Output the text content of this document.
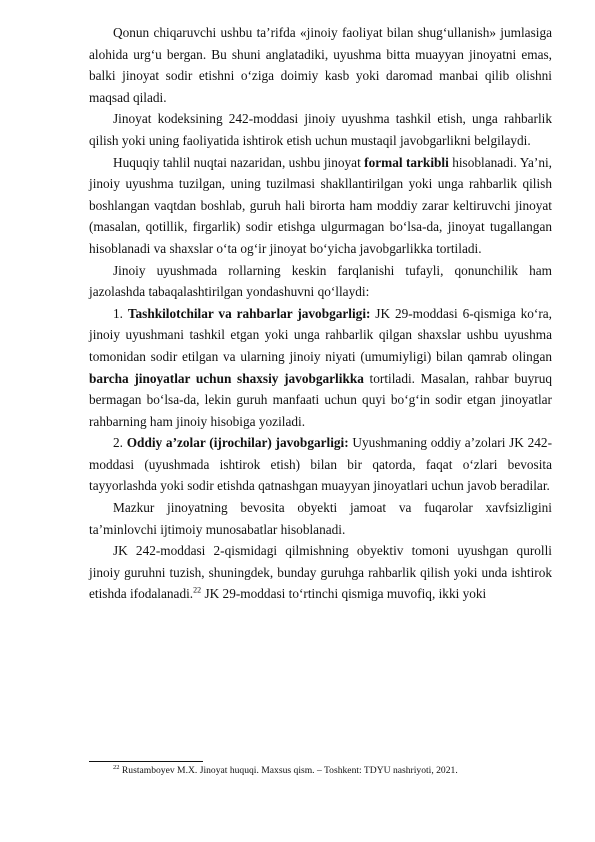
Qonun chiqaruvchi ushbu taʼrifda «jinoiy faoliyat bilan shugʻullanish» jumlasiga alohida urgʻu bergan. Bu shuni anglatadiki, uyushma bitta muayyan jinoyatni emas, balki jinoyat sodir etishni oʻziga doimiy kasb yoki daromad manbai qilib olishni maqsad qiladi.

Jinoyat kodeksining 242-moddasi jinoiy uyushma tashkil etish, unga rahbarlik qilish yoki uning faoliyatida ishtirok etish uchun mustaqil javobgarlikni belgilaydi.

Huquqiy tahlil nuqtai nazaridan, ushbu jinoyat formal tarkibli hisoblanadi. Yaʼni, jinoiy uyushma tuzilgan, uning tuzilmasi shakllantirilgan yoki unga rahbarlik qilish boshlangan vaqtdan boshlab, guruh hali birorta ham moddiy zarar keltiruvchi jinoyat (masalan, qotillik, firgarlik) sodir etishga ulgurmagan boʻlsa-da, jinoyat tugallangan hisoblanadi va shaxslar oʻta ogʻir jinoyat boʻyicha javobgarlikka tortiladi.

Jinoiy uyushmada rollarning keskin farqlanishi tufayli, qonunchilik ham jazolashda tabaqalashtirilgan yondashuvni qoʻllaydi:

1. Tashkilotchilar va rahbarlar javobgarligi: JK 29-moddasi 6-qismiga koʻra, jinoiy uyushmani tashkil etgan yoki unga rahbarlik qilgan shaxslar ushbu uyushma tomonidan sodir etilgan va ularning jinoiy niyati (umumiyligi) bilan qamrab olingan barcha jinoyatlar uchun shaxsiy javobgarlikka tortiladi. Masalan, rahbar buyruq bermagan boʻlsa-da, lekin guruh manfaati uchun quyi boʻgʻin sodir etgan jinoyatlar rahbarning ham jinoiy hisobiga yoziladi.

2. Oddiy aʼzolar (ijrochilar) javobgarligi: Uyushmaning oddiy aʼzolari JK 242-moddasi (uyushmada ishtirok etish) bilan bir qatorda, faqat oʻzlari bevosita tayyorlashda yoki sodir etishda qatnashgan muayyan jinoyatlari uchun javob beradilar.

Mazkur jinoyatning bevosita obyekti jamoat va fuqarolar xavfsizligini ta’minlovchi ijtimoiy munosabatlar hisoblanadi.

JK 242-moddasi 2-qismidagi qilmishning obyektiv tomoni uyushgan qurolli jinoiy guruhni tuzish, shuningdek, bunday guruhga rahbarlik qilish yoki unda ishtirok etishda ifodalanadi.$^{22}$ JK 29-moddasi to‘rtinchi qismiga muvofiq, ikki yoki

$^{22}$ Rustamboyev M.X. Jinoyat huquqi. Maxsus qism. – Toshkent: TDYU nashriyoti, 2021.
